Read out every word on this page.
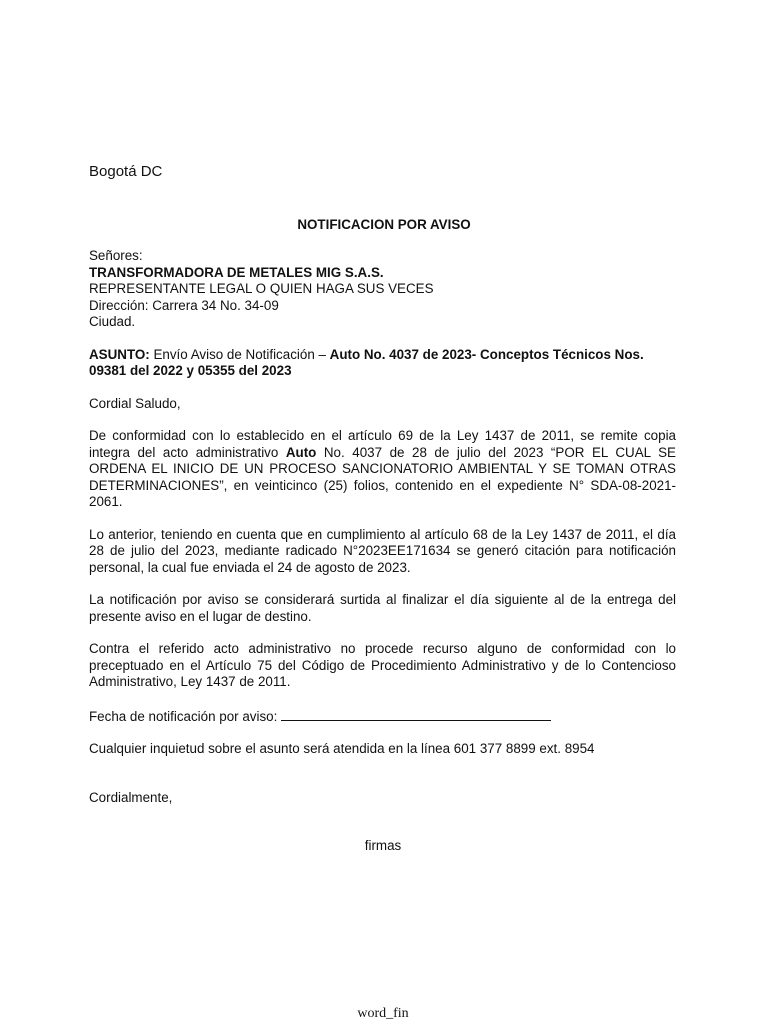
Bogotá DC
NOTIFICACION POR AVISO

Señores:

TRANSFORMADORA DE METALES MIG S.A.S.

REPRESENTANTE LEGAL O QUIEN HAGA SUS VECES

Dirección: Carrera 34 No. 34-09

Ciudad.

ASUNTO: Envío Aviso de Notificación – Auto No. 4037 de 2023- Conceptos Técnicos Nos. 09381 del 2022 y 05355 del 2023

Cordial Saludo,
De conformidad con lo establecido en el artículo 69 de la Ley 1437 de 2011, se remite copia integra del acto administrativo Auto No. 4037 de 28 de julio del 2023 “POR EL CUAL SE ORDENA EL INICIO DE UN PROCESO SANCIONATORIO AMBIENTAL Y SE TOMAN OTRAS DETERMINACIONES”, en veinticinco (25) folios, contenido en el expediente N° SDA-08-2021-2061.
Lo anterior, teniendo en cuenta que en cumplimiento al artículo 68 de la Ley 1437 de 2011, el día 28 de julio del 2023, mediante radicado N°2023EE171634 se generó citación para notificación personal, la cual fue enviada el 24 de agosto de 2023.
La notificación por aviso se considerará surtida al finalizar el día siguiente al de la entrega del presente aviso en el lugar de destino.
Contra el referido acto administrativo no procede recurso alguno de conformidad con lo preceptuado en el Artículo 75 del Código de Procedimiento Administrativo y de lo Contencioso Administrativo, Ley 1437 de 2011.
Fecha de notificación por aviso:
Cualquier inquietud sobre el asunto será atendida en la línea 601 377 8899 ext. 8954
Cordialmente,
firmas
word_fin
